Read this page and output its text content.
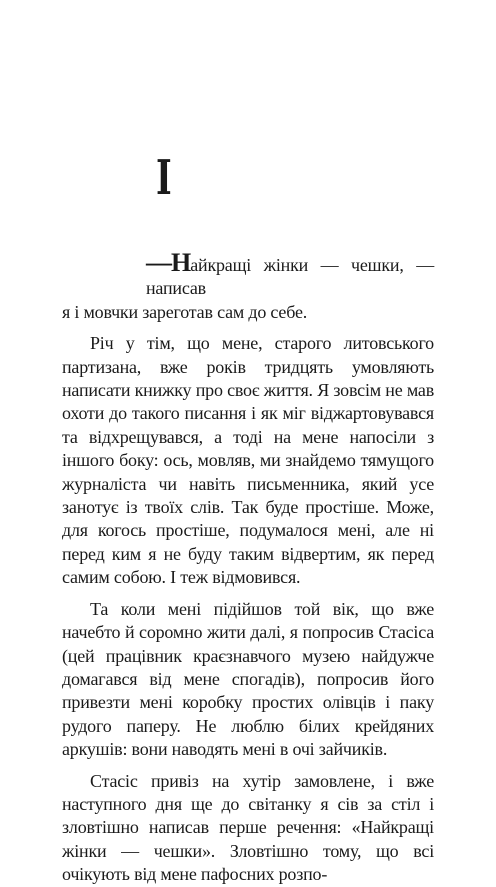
I

—Найкращі жінки — чешки, — написав

я і мовчки зареготав сам до себе.

Річ у тім, що мене, старого литовського партизана, вже років тридцять умовляють написати книжку про своє життя. Я зовсім не мав охоти до такого писання і як міг віджартовувався та відхрещувався, а тоді на мене напосіли з іншого боку: ось, мовляв, ми знайдемо тямущого журналіста чи навіть письменника, який усе занотує із твоїх слів. Так буде простіше. Може, для когось простіше, подумалося мені, але ні перед ким я не буду таким відвертим, як перед самим собою. І теж відмовився.

Та коли мені підійшов той вік, що вже начебто й соромно жити далі, я попросив Стасіса (цей працівник краєзнавчого музею найдужче домагався від мене спогадів), попросив його привезти мені коробку простих олівців і паку рудого паперу. Не люблю білих крейдяних аркушів: вони наводять мені в очі зайчиків.

Стасіс привіз на хутір замовлене, і вже наступного дня ще до світанку я сів за стіл і зловтішно написав перше речення: «Найкращі жінки — чешки». Зловтішно тому, що всі очікують від мене пафосних розпо-
